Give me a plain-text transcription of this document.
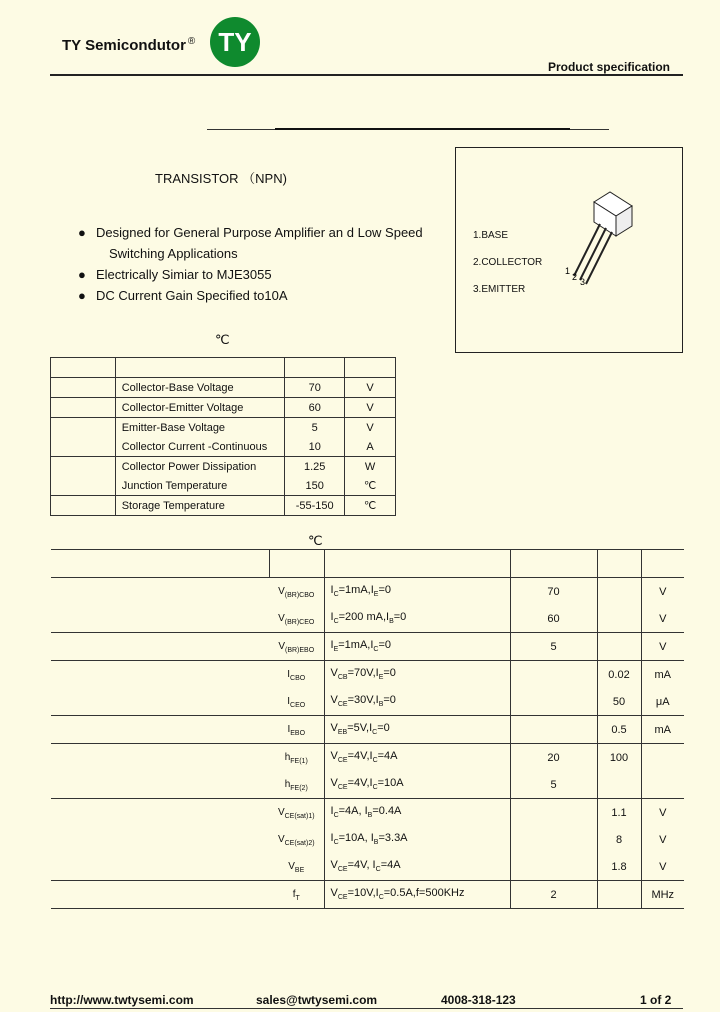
TY Semicondutor ® TY
Product specification
TRANSISTOR （NPN)
● Designed for General Purpose Amplifier an d Low Speed
Switching Applications
● Electrically Simiar to MJE3055
● DC Current Gain Specified to10A
1.BASE
2.COLLECTOR
3.EMITTER
1
2 3
℃

	Collector-Base Voltage	70	V
	Collector-Emitter Voltage	60	V
	Emitter-Base Voltage	5	V
	Collector Current -Continuous	10	A
	Collector Power Dissipation	1.25	W
	Junction Temperature	150	℃
	Storage Temperature	-55-150	℃
℃

	$V_{(BR)CBO}$	$I_C=1mA,I_E=0$	70		V
	$V_{(BR)CEO}$	$I_C=200$ $mA,I_B=0$	60		V
	$V_{(BR)EBO}$	$I_E=1mA,I_C=0$	5		V
	$I_{CBO}$	$V_{CB}=70V,I_E=0$		0.02	mA
	$I_{CEO}$	$V_{CE}=30V,I_B=0$		50	μA
	$I_{EBO}$	$V_{EB}=5V,I_C=0$		0.5	mA
	$h_{FE(1)}$	$V_{CE}=4V,I_C=4A$	20	100	
	$h_{FE(2)}$	$V_{CE}=4V,I_C=10A$	5		
	$V_{CE(sat)1)}$	$I_C=4A$, $I_B=0.4A$		1.1	V
	$V_{CE(sat)2)}$	$I_C=10A$, $I_B=3.3A$		8	V
	$V_{BE}$	$V_{CE}=4V$, $I_C=4A$		1.8	V
	$f_T$	$V_{CE}=10V,I_C=0.5A,f=500KHz$	2		MHz
http://www.twtysemi.com	sales@twtysemi.com	4008-318-123	1 of 2
